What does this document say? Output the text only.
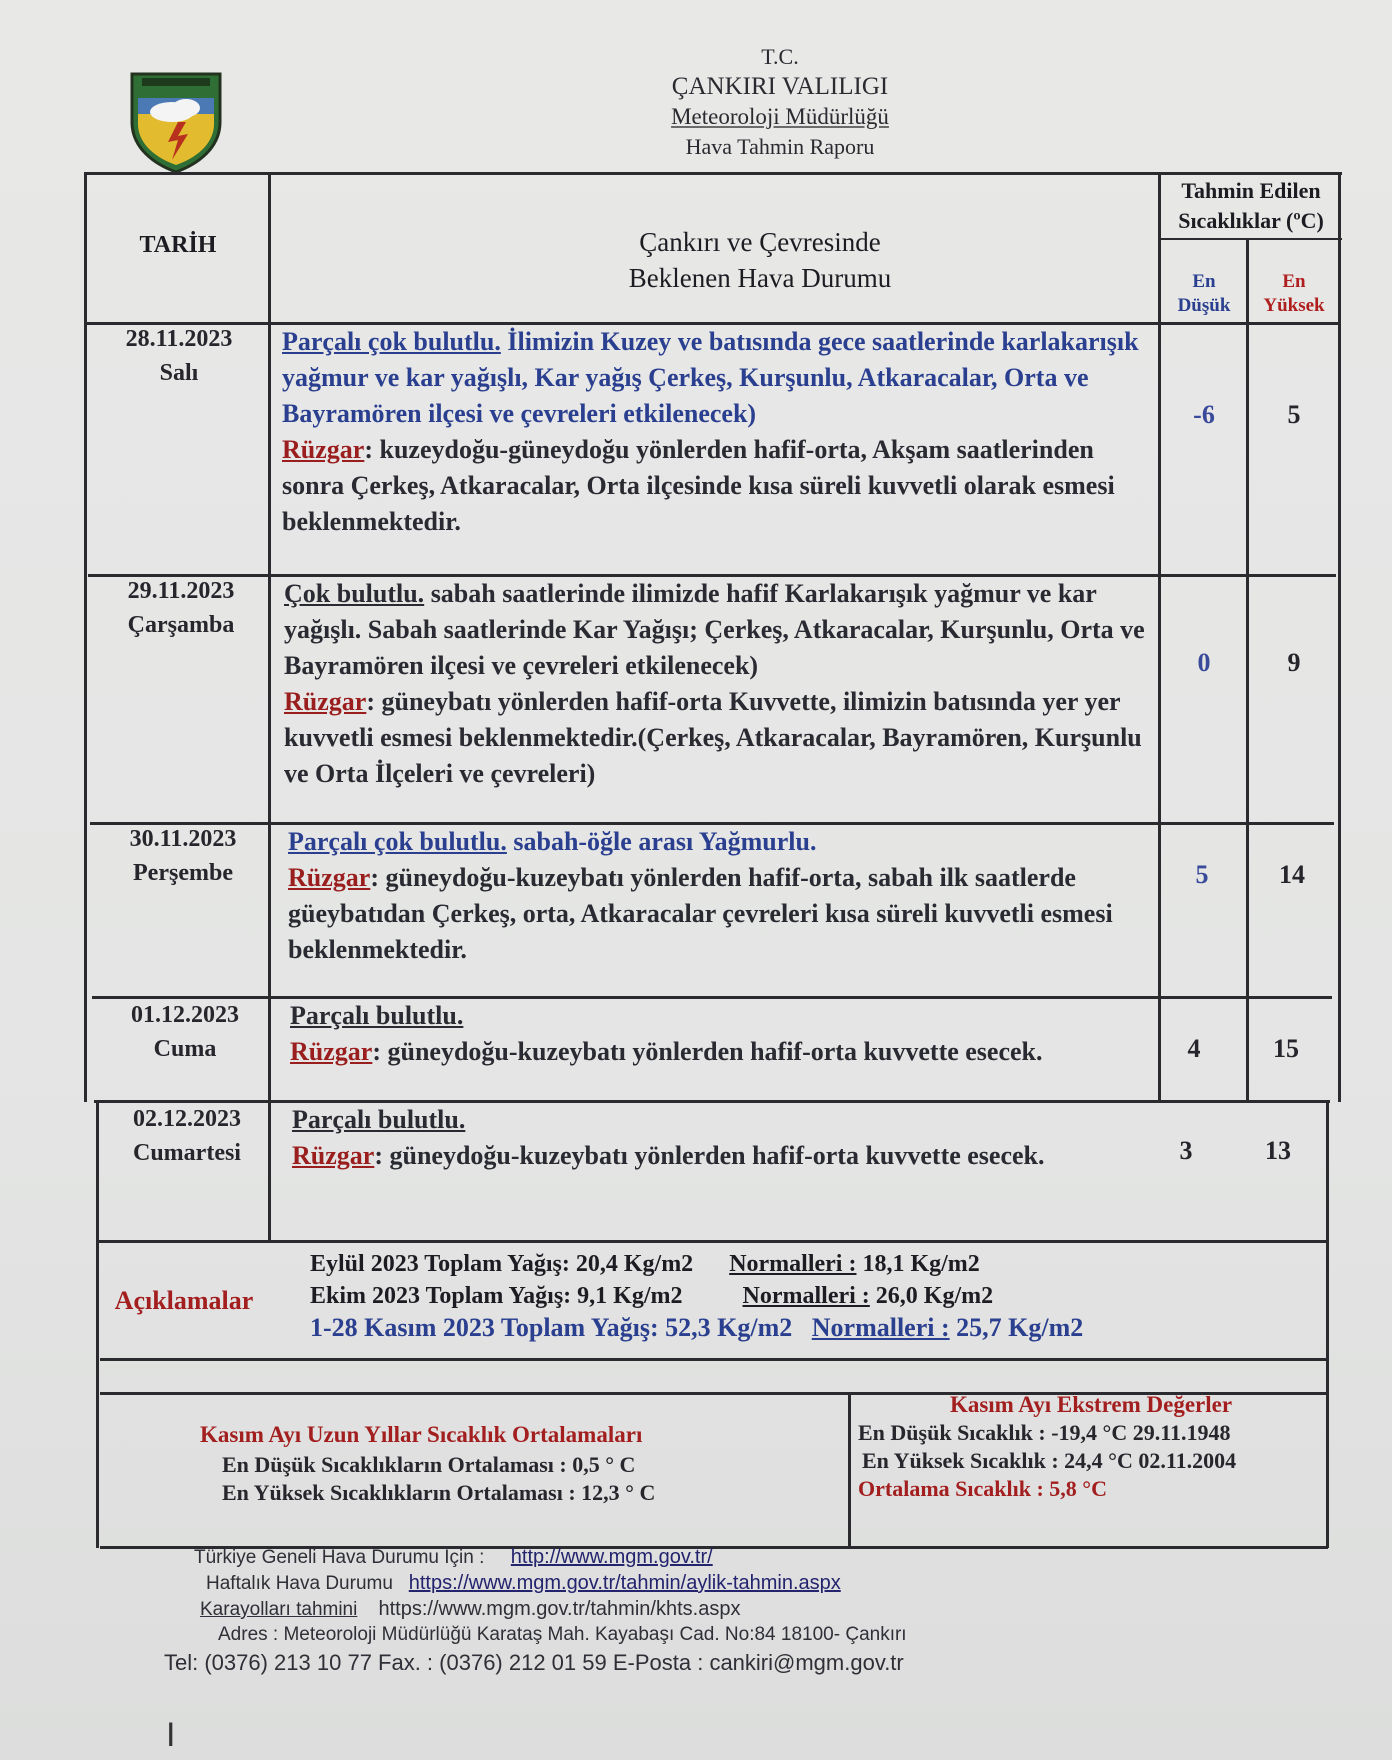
T.C.
ÇANKIRI VALILIGI
Meteoroloji Müdürlüğü
Hava Tahmin Raporu
TARİH	Çankırı ve Çevresinde
Beklenen Hava Durumu
Tahmin Edilen
Sıcaklıklar (ºC)
En
Düşük
En
Yüksek
28.11.2023
Salı
Parçalı çok bulutlu. İlimizin Kuzey ve batısında gece saatlerinde karlakarışık yağmur ve kar yağışlı, Kar yağış Çerkeş, Kurşunlu, Atkaracalar, Orta ve Bayramören ilçesi ve çevreleri etkilenecek)
Rüzgar: kuzeydoğu-güneydoğu yönlerden hafif-orta, Akşam saatlerinden sonra Çerkeş, Atkaracalar, Orta ilçesinde kısa süreli kuvvetli olarak esmesi beklenmektedir.
-6	5
29.11.2023
Çarşamba
Çok bulutlu. sabah saatlerinde ilimizde hafif Karlakarışık yağmur ve kar yağışlı. Sabah saatlerinde Kar Yağışı; Çerkeş, Atkaracalar, Kurşunlu, Orta ve Bayramören ilçesi ve çevreleri etkilenecek)
Rüzgar: güneybatı yönlerden hafif-orta Kuvvette, ilimizin batısında yer yer kuvvetli esmesi beklenmektedir.(Çerkeş, Atkaracalar, Bayramören, Kurşunlu ve Orta İlçeleri ve çevreleri)
0	9
30.11.2023
Perşembe
Parçalı çok bulutlu. sabah-öğle arası Yağmurlu.
Rüzgar: güneydoğu-kuzeybatı yönlerden hafif-orta, sabah ilk saatlerde güeybatıdan Çerkeş, orta, Atkaracalar çevreleri kısa süreli kuvvetli esmesi beklenmektedir.
5	14
01.12.2023
Cuma
Parçalı bulutlu.
Rüzgar: güneydoğu-kuzeybatı yönlerden hafif-orta kuvvette esecek.	4	15
02.12.2023
Cumartesi
Parçalı bulutlu.
Rüzgar: güneydoğu-kuzeybatı yönlerden hafif-orta kuvvette esecek.	3	13
Açıklamalar
Eylül 2023 Toplam Yağış: 20,4 Kg/m2 Normalleri : 18,1 Kg/m2
Ekim 2023 Toplam Yağış: 9,1 Kg/m2	Normalleri : 26,0 Kg/m2
1-28 Kasım 2023 Toplam Yağış: 52,3 Kg/m2 Normalleri : 25,7 Kg/m2
Kasım Ayı Uzun Yıllar Sıcaklık Ortalamaları
En Düşük Sıcaklıkların Ortalaması : 0,5 ° C
En Yüksek Sıcaklıkların Ortalaması : 12,3 ° C
Kasım Ayı Ekstrem Değerler
En Düşük Sıcaklık : -19,4 °C 29.11.1948
En Yüksek Sıcaklık : 24,4 °C 02.11.2004
Ortalama Sıcaklık : 5,8 °C
Türkiye Geneli Hava Durumu İçin : http://www.mgm.gov.tr/
Haftalık Hava Durumu https://www.mgm.gov.tr/tahmin/aylik-tahmin.aspx
Karayolları tahmini https://www.mgm.gov.tr/tahmin/khts.aspx
Adres : Meteoroloji Müdürlüğü Karataş Mah. Kayabaşı Cad. No:84 18100- Çankırı
Tel: (0376) 213 10 77 Fax. : (0376) 212 01 59 E-Posta : cankiri@mgm.gov.tr
I
